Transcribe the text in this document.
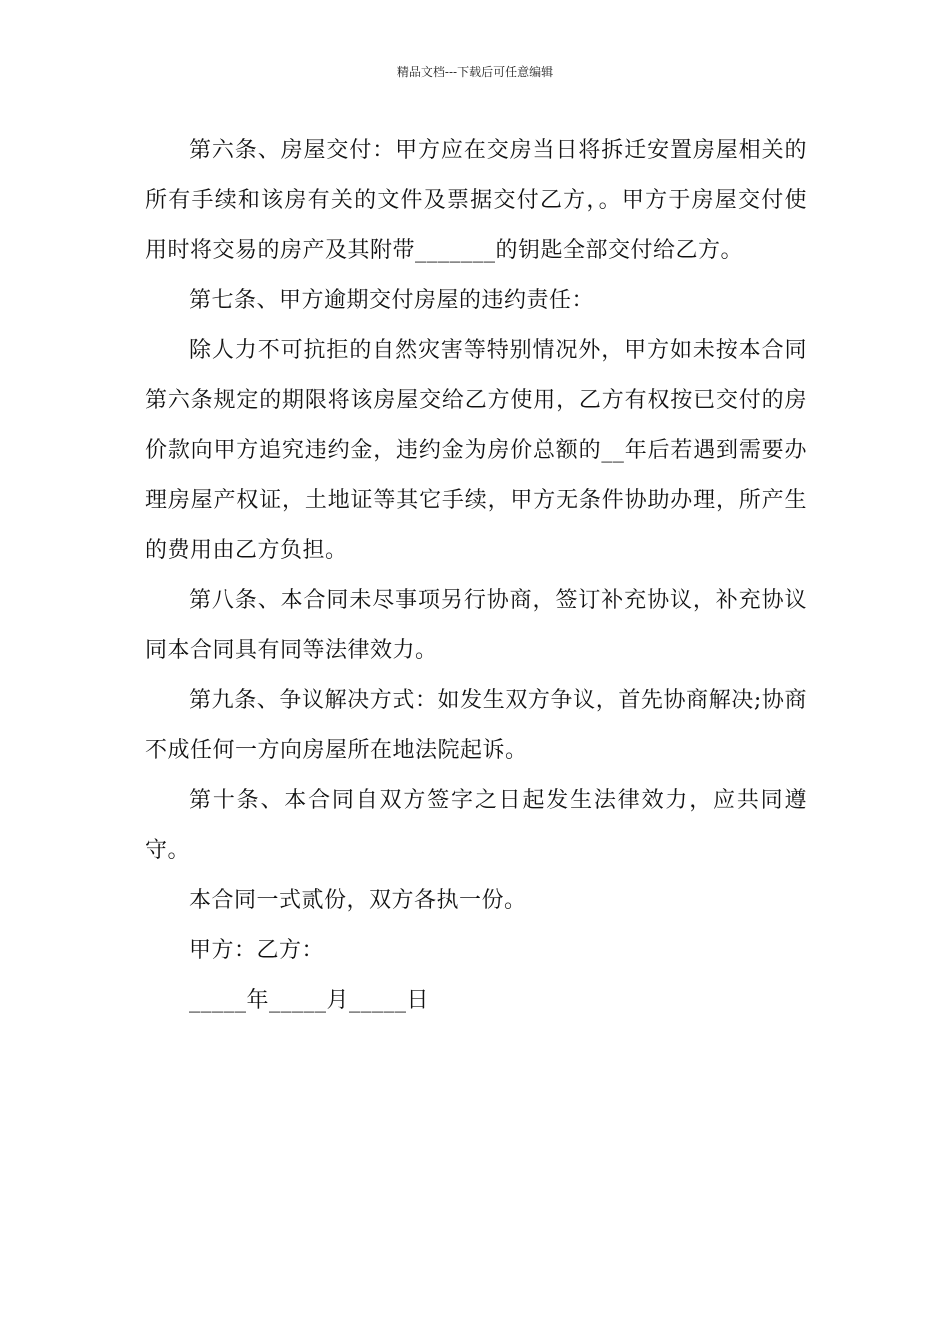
精品文档---下载后可任意编辑

第六条、房屋交付：甲方应在交房当日将拆迁安置房屋相关的所有手续和该房有关的文件及票据交付乙方，。甲方于房屋交付使用时将交易的房产及其附带_______的钥匙全部交付给乙方。

第七条、甲方逾期交付房屋的违约责任：

除人力不可抗拒的自然灾害等特别情况外，甲方如未按本合同第六条规定的期限将该房屋交给乙方使用，乙方有权按已交付的房价款向甲方追究违约金，违约金为房价总额的__年后若遇到需要办理房屋产权证，土地证等其它手续，甲方无条件协助办理，所产生的费用由乙方负担。

第八条、本合同未尽事项另行协商，签订补充协议，补充协议同本合同具有同等法律效力。

第九条、争议解决方式：如发生双方争议，首先协商解决;协商不成任何一方向房屋所在地法院起诉。

第十条、本合同自双方签字之日起发生法律效力，应共同遵守。

本合同一式贰份，双方各执一份。

甲方：乙方：

_____年_____月_____日
